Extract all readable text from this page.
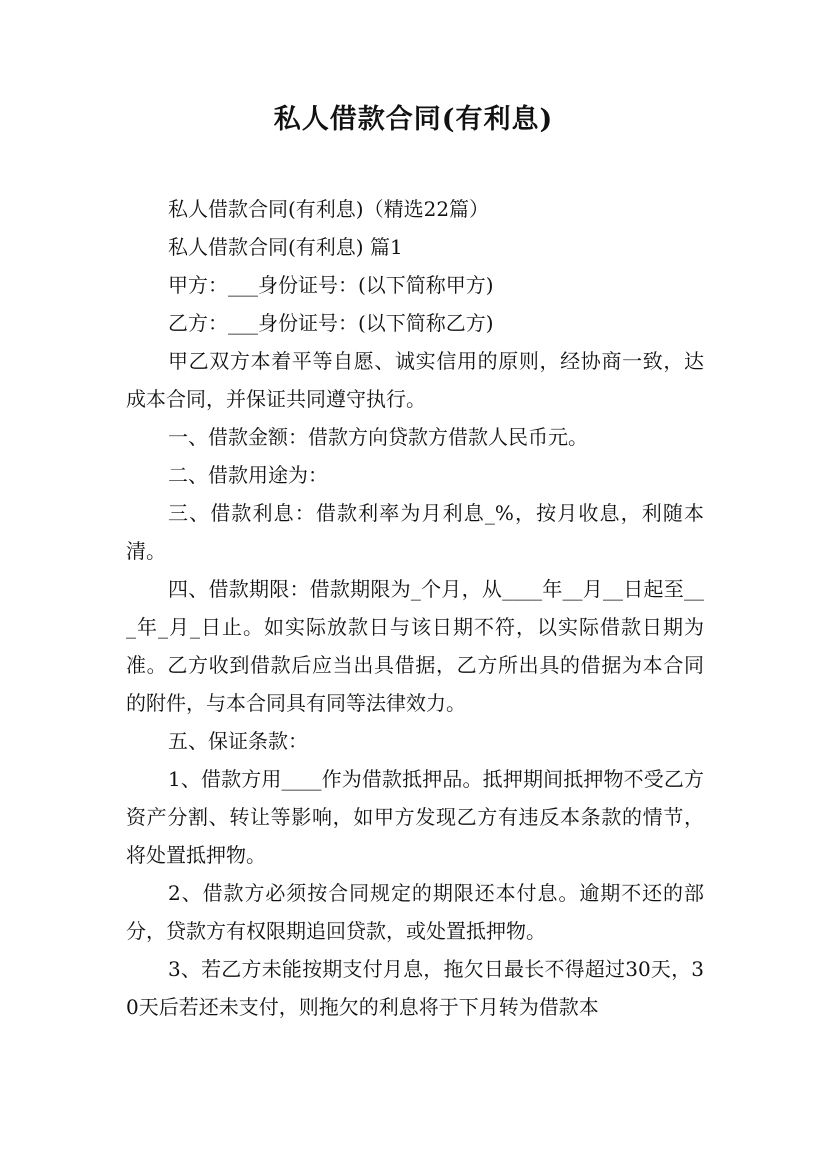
私人借款合同(有利息)

私人借款合同(有利息)（精选22篇）

私人借款合同(有利息) 篇1

甲方：___身份证号：(以下简称甲方)

乙方：___身份证号：(以下简称乙方)

甲乙双方本着平等自愿、诚实信用的原则，经协商一致，达成本合同，并保证共同遵守执行。

一、借款金额：借款方向贷款方借款人民币元。

二、借款用途为：

三、借款利息：借款利率为月利息_%，按月收息，利随本清。

四、借款期限：借款期限为_个月，从____年__月__日起至___年_月_日止。如实际放款日与该日期不符，以实际借款日期为准。乙方收到借款后应当出具借据，乙方所出具的借据为本合同的附件，与本合同具有同等法律效力。

五、保证条款：

1、借款方用____作为借款抵押品。抵押期间抵押物不受乙方资产分割、转让等影响，如甲方发现乙方有违反本条款的情节，将处置抵押物。

2、借款方必须按合同规定的期限还本付息。逾期不还的部分，贷款方有权限期追回贷款，或处置抵押物。

3、若乙方未能按期支付月息，拖欠日最长不得超过30天，30天后若还未支付，则拖欠的利息将于下月转为借款本
